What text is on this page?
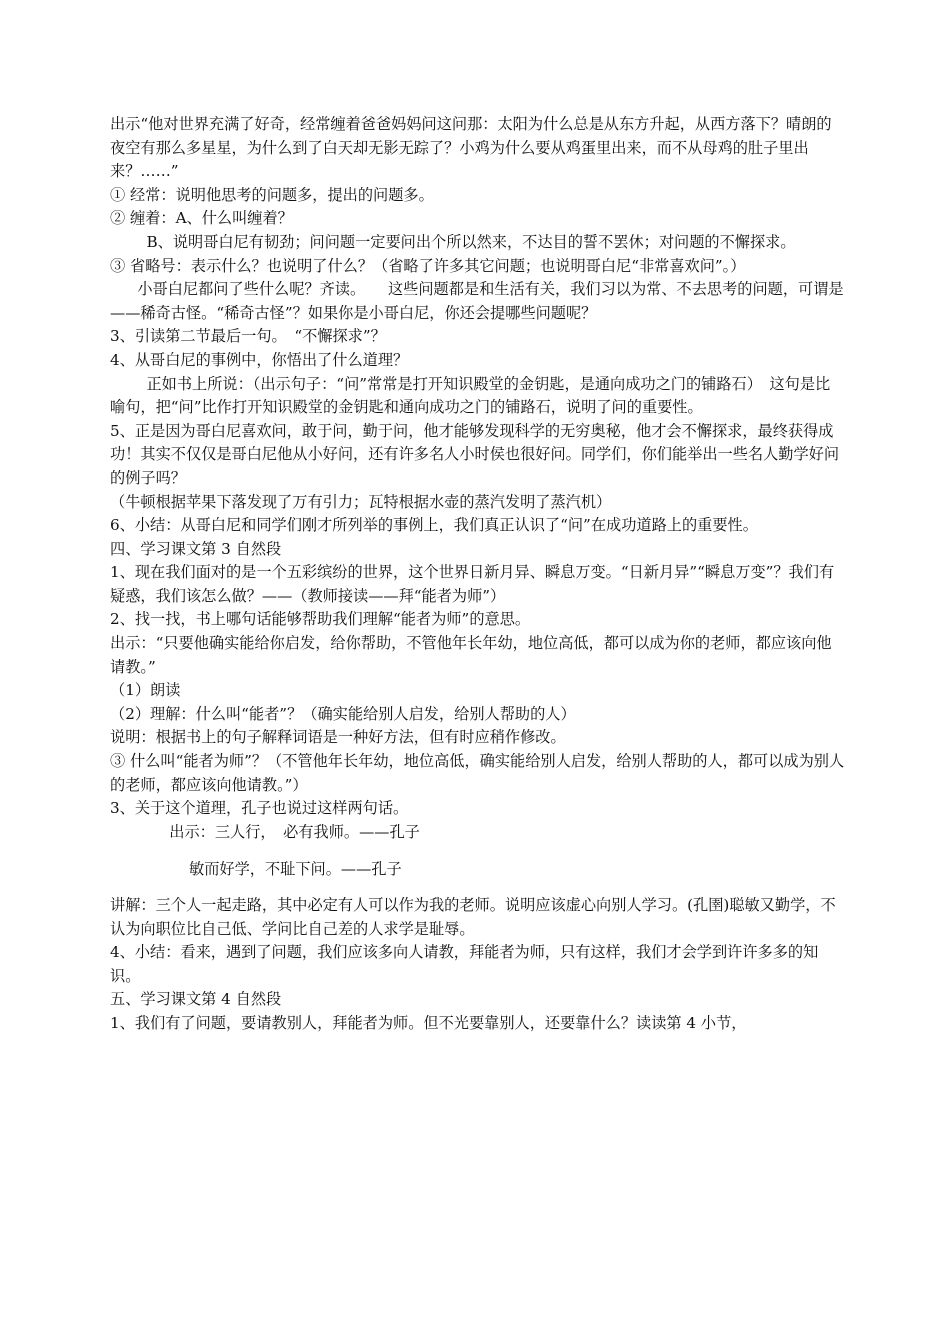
出示“他对世界充满了好奇，经常缠着爸爸妈妈问这问那：太阳为什么总是从东方升起，从西方落下？晴朗的夜空有那么多星星，为什么到了白天却无影无踪了？小鸡为什么要从鸡蛋里出来，而不从母鸡的肚子里出来？……”

① 经常：说明他思考的问题多，提出的问题多。

② 缠着：A、什么叫缠着？

B、说明哥白尼有韧劲；问问题一定要问出个所以然来，不达目的誓不罢休；对问题的不懈探求。

③ 省略号：表示什么？也说明了什么？（省略了许多其它问题；也说明哥白尼“非常喜欢问”。）

小哥白尼都问了些什么呢？齐读。　　这些问题都是和生活有关，我们习以为常、不去思考的问题，可谓是——稀奇古怪。“稀奇古怪”？如果你是小哥白尼，你还会提哪些问题呢？

3、引读第二节最后一句。　“不懈探求”？

4、从哥白尼的事例中，你悟出了什么道理？

正如书上所说：（出示句子：“问”常常是打开知识殿堂的金钥匙，是通向成功之门的铺路石）　这句是比喻句，把“问”比作打开知识殿堂的金钥匙和通向成功之门的铺路石，说明了问的重要性。

5、正是因为哥白尼喜欢问，敢于问，勤于问，他才能够发现科学的无穷奥秘，他才会不懈探求，最终获得成功！其实不仅仅是哥白尼他从小好问，还有许多名人小时侯也很好问。同学们，你们能举出一些名人勤学好问的例子吗？

（牛顿根据苹果下落发现了万有引力；瓦特根据水壶的蒸汽发明了蒸汽机）

6、小结：从哥白尼和同学们刚才所列举的事例上，我们真正认识了“问”在成功道路上的重要性。

四、学习课文第 3 自然段

1、现在我们面对的是一个五彩缤纷的世界，这个世界日新月异、瞬息万变。“日新月异”“瞬息万变”？我们有疑惑，我们该怎么做？——（教师接读——拜“能者为师”）

2、找一找，书上哪句话能够帮助我们理解“能者为师”的意思。

出示：“只要他确实能给你启发，给你帮助，不管他年长年幼，地位高低，都可以成为你的老师，都应该向他请教。”

（1）朗读

（2）理解：什么叫“能者”？（确实能给别人启发，给别人帮助的人）

说明：根据书上的句子解释词语是一种好方法，但有时应稍作修改。

③ 什么叫“能者为师”？（不管他年长年幼，地位高低，确实能给别人启发，给别人帮助的人，都可以成为别人的老师，都应该向他请教。”）

3、关于这个道理，孔子也说过这样两句话。

出示：三人行，　必有我师。——孔子

敏而好学，不耻下问。——孔子

讲解：三个人一起走路，其中必定有人可以作为我的老师。说明应该虚心向别人学习。(孔圉)聪敏又勤学，不认为向职位比自己低、学问比自己差的人求学是耻辱。

4、小结：看来，遇到了问题，我们应该多向人请教，拜能者为师，只有这样，我们才会学到许许多多的知识。

五、学习课文第 4 自然段

1、我们有了问题，要请教别人，拜能者为师。但不光要靠别人，还要靠什么？读读第 4 小节，
